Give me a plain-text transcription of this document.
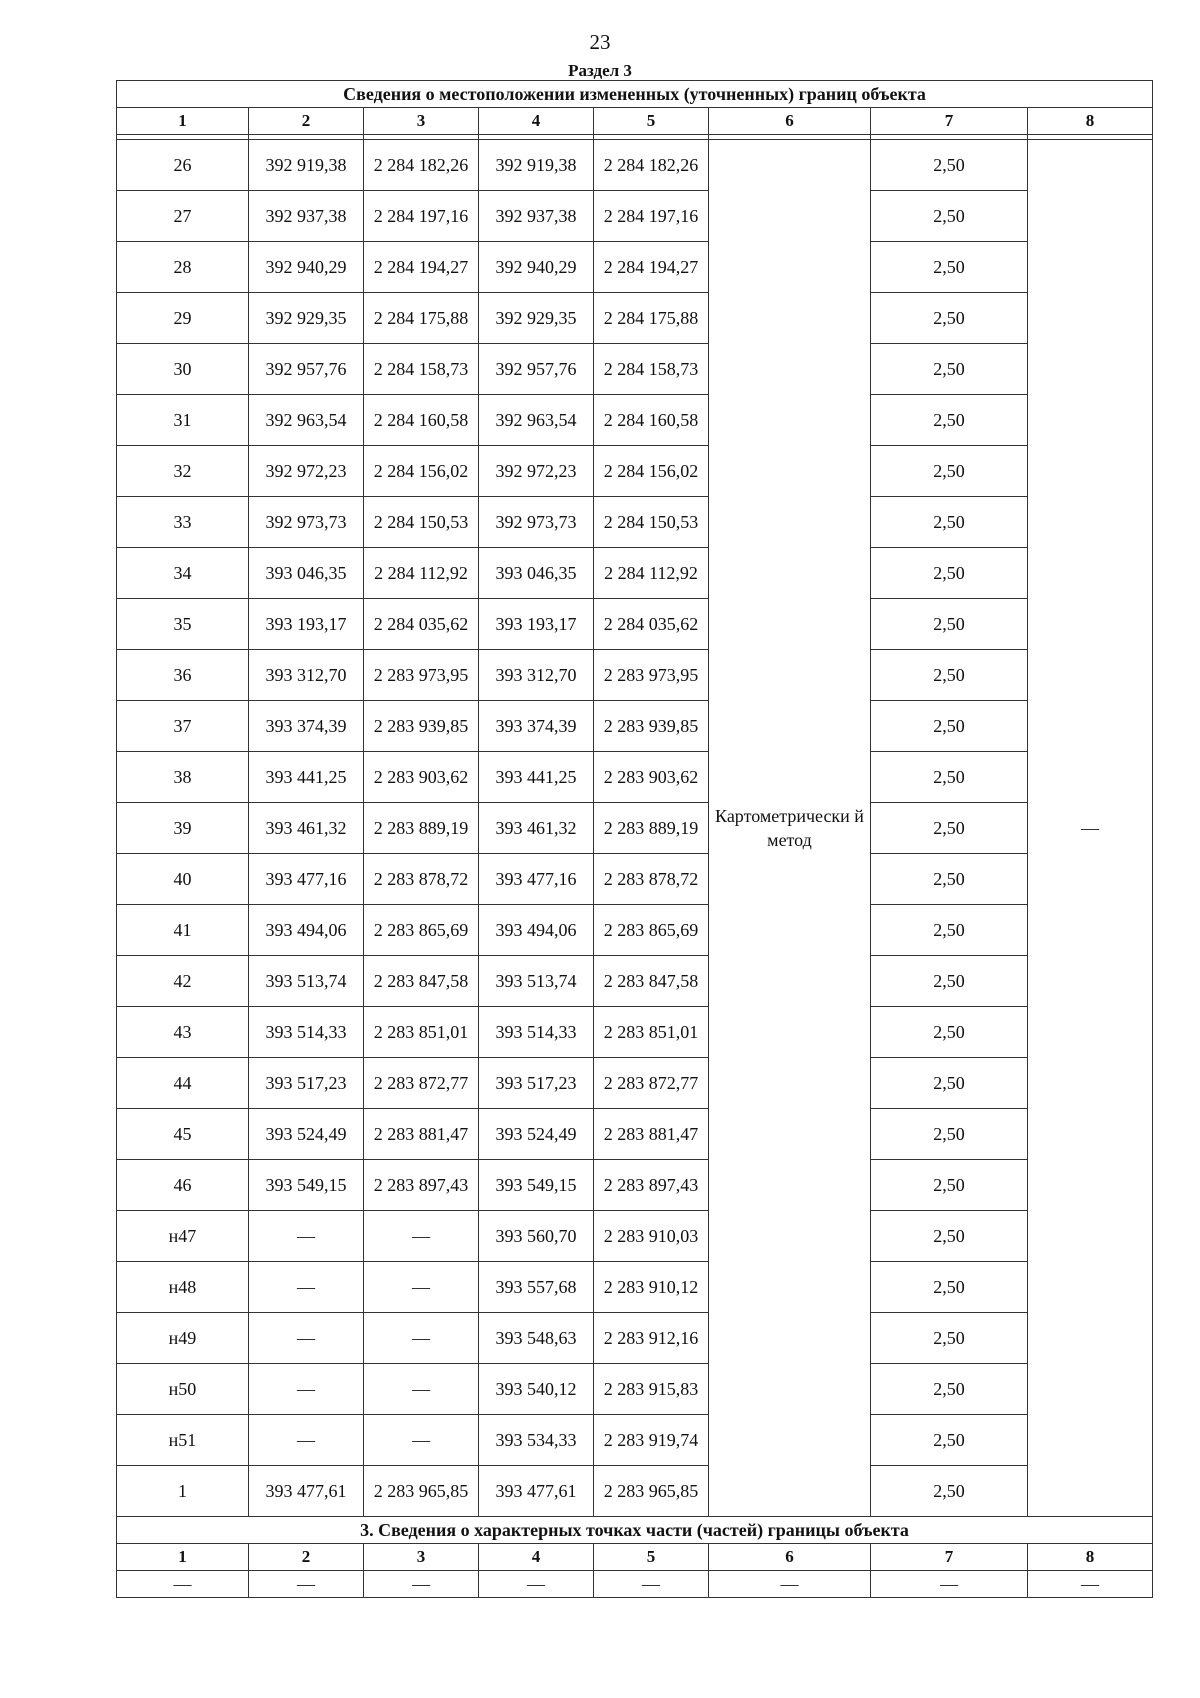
23
Раздел 3
Сведения о местоположении измененных (уточненных) границ объекта							
1	2	3	4	5	6	7	8

26	392 919,38	2 284 182,26	392 919,38	2 284 182,26	Картометрически й метод	2,50	—
27	392 937,38	2 284 197,16	392 937,38	2 284 197,16		2,50	
28	392 940,29	2 284 194,27	392 940,29	2 284 194,27		2,50	
29	392 929,35	2 284 175,88	392 929,35	2 284 175,88		2,50	
30	392 957,76	2 284 158,73	392 957,76	2 284 158,73		2,50	
31	392 963,54	2 284 160,58	392 963,54	2 284 160,58		2,50	
32	392 972,23	2 284 156,02	392 972,23	2 284 156,02		2,50	
33	392 973,73	2 284 150,53	392 973,73	2 284 150,53		2,50	
34	393 046,35	2 284 112,92	393 046,35	2 284 112,92		2,50	
35	393 193,17	2 284 035,62	393 193,17	2 284 035,62		2,50	
36	393 312,70	2 283 973,95	393 312,70	2 283 973,95		2,50	
37	393 374,39	2 283 939,85	393 374,39	2 283 939,85		2,50	
38	393 441,25	2 283 903,62	393 441,25	2 283 903,62		2,50	
39	393 461,32	2 283 889,19	393 461,32	2 283 889,19		2,50	
40	393 477,16	2 283 878,72	393 477,16	2 283 878,72		2,50	
41	393 494,06	2 283 865,69	393 494,06	2 283 865,69		2,50	
42	393 513,74	2 283 847,58	393 513,74	2 283 847,58		2,50	
43	393 514,33	2 283 851,01	393 514,33	2 283 851,01		2,50	
44	393 517,23	2 283 872,77	393 517,23	2 283 872,77		2,50	
45	393 524,49	2 283 881,47	393 524,49	2 283 881,47		2,50	
46	393 549,15	2 283 897,43	393 549,15	2 283 897,43		2,50	
н47	—	—	393 560,70	2 283 910,03		2,50	
н48	—	—	393 557,68	2 283 910,12		2,50	
н49	—	—	393 548,63	2 283 912,16		2,50	
н50	—	—	393 540,12	2 283 915,83		2,50	
н51	—	—	393 534,33	2 283 919,74		2,50	
1	393 477,61	2 283 965,85	393 477,61	2 283 965,85		2,50	
3. Сведения о характерных точках части (частей) границы объекта							
1	2	3	4	5	6	7	8
—	—	—	—	—	—	—	—
